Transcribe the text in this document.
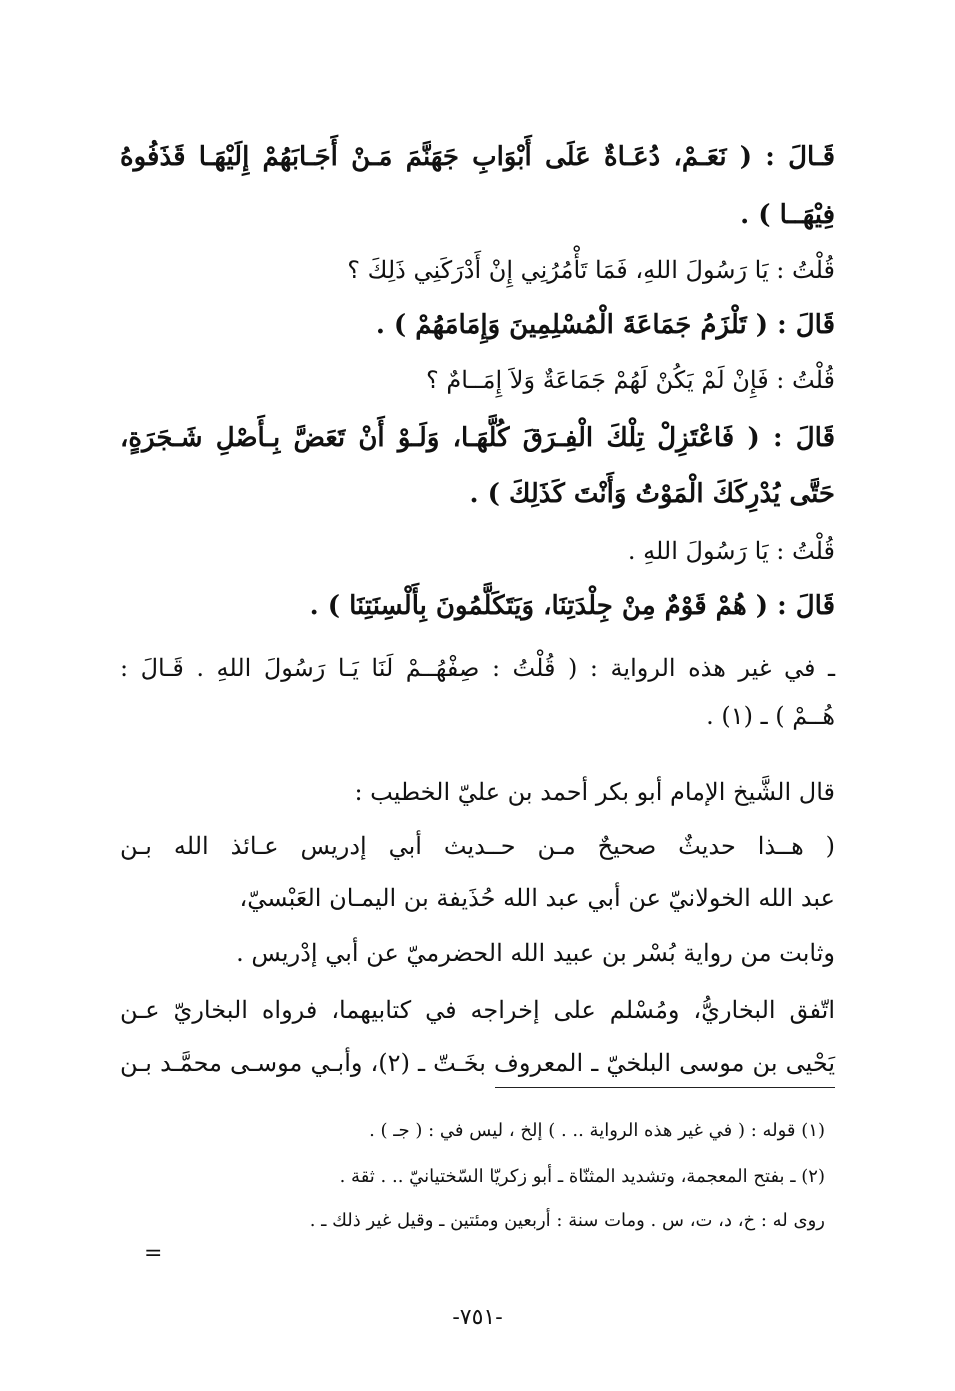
قَـالَ : ( نَعَـمْ، دُعَـاةٌ عَلَى أَبْوَابِ جَهَنَّمَ مَـنْ أَجَـابَهُمْ إِلَيْهَـا قَذَفُوهُ
فِيْهَــا ) .
قُلْتُ : يَا رَسُولَ اللهِ، فَمَا تَأْمُرُنِي إِنْ أَدْرَكَنِي ذَلِكَ ؟
قَالَ : ( تَلْزَمُ جَمَاعَةَ الْمُسْلِمِينَ وَإِمَامَهُمْ ) .
قُلْتُ : فَإِنْ لَمْ يَكُنْ لَهُمْ جَمَاعَةٌ وَلاَ إِمَــامٌ ؟
قَالَ : ( فَاعْتَزِلْ تِلْكَ الْفِـرَقَ كُلَّهَـا، وَلَـوْ أَنْ تَعَضَّ بِـأَصْلِ شَـجَرَةٍ،
حَتَّى يُدْرِكَكَ الْمَوْتُ وَأَنْتَ كَذَلِكَ ) .
قُلْتُ : يَا رَسُولَ اللهِ .
قَالَ : ( هُمْ قَوْمٌ مِنْ جِلْدَتِنَا، وَيَتَكَلَّمُونَ بِأَلْسِنَتِنَا ) .
ـ في غير هذه الرواية : ( قُلْتُ : صِفْهُــمْ لَنَا يَـا رَسُولَ اللهِ . قَـالَ :
هُــمْ ) ـ (١) .
قال الشَّيخ الإمام أبو بكر أحمد بن عليّ الخطيب :
( هــذا حديثٌ صحيحٌ مـن حــديث أبي إدريس عـائذ الله بـن
عبد الله الخولانيّ عن أبي عبد الله حُذَيفة بن اليمـان العَبْسيّ،
وثابت من رواية بُسْر بن عبيد الله الحضرميّ عن أبي إدْريس .
اتّفق البخاريُّ، ومُسْلم على إخراجه في كتابيهما، فرواه البخاريّ عـن
يَحْيى بن موسى البلخيّ ـ المعروف بخَـتّ ـ (٢)، وأبـي موسـى محمَّـد بـن
(١) قوله : ( في غير هذه الرواية .. . ) إلخ ، ليس في : ( جـ ) .
(٢) ـ بفتح المعجمة، وتشديد المثنّاة ـ أبو زكريّا السّختيانيّ .. . ثقة .
روى له : خ، د، ت، س . ومات سنة : أربعين ومئتين ـ وقيل غير ذلك ـ .
=
-٧٥١-
